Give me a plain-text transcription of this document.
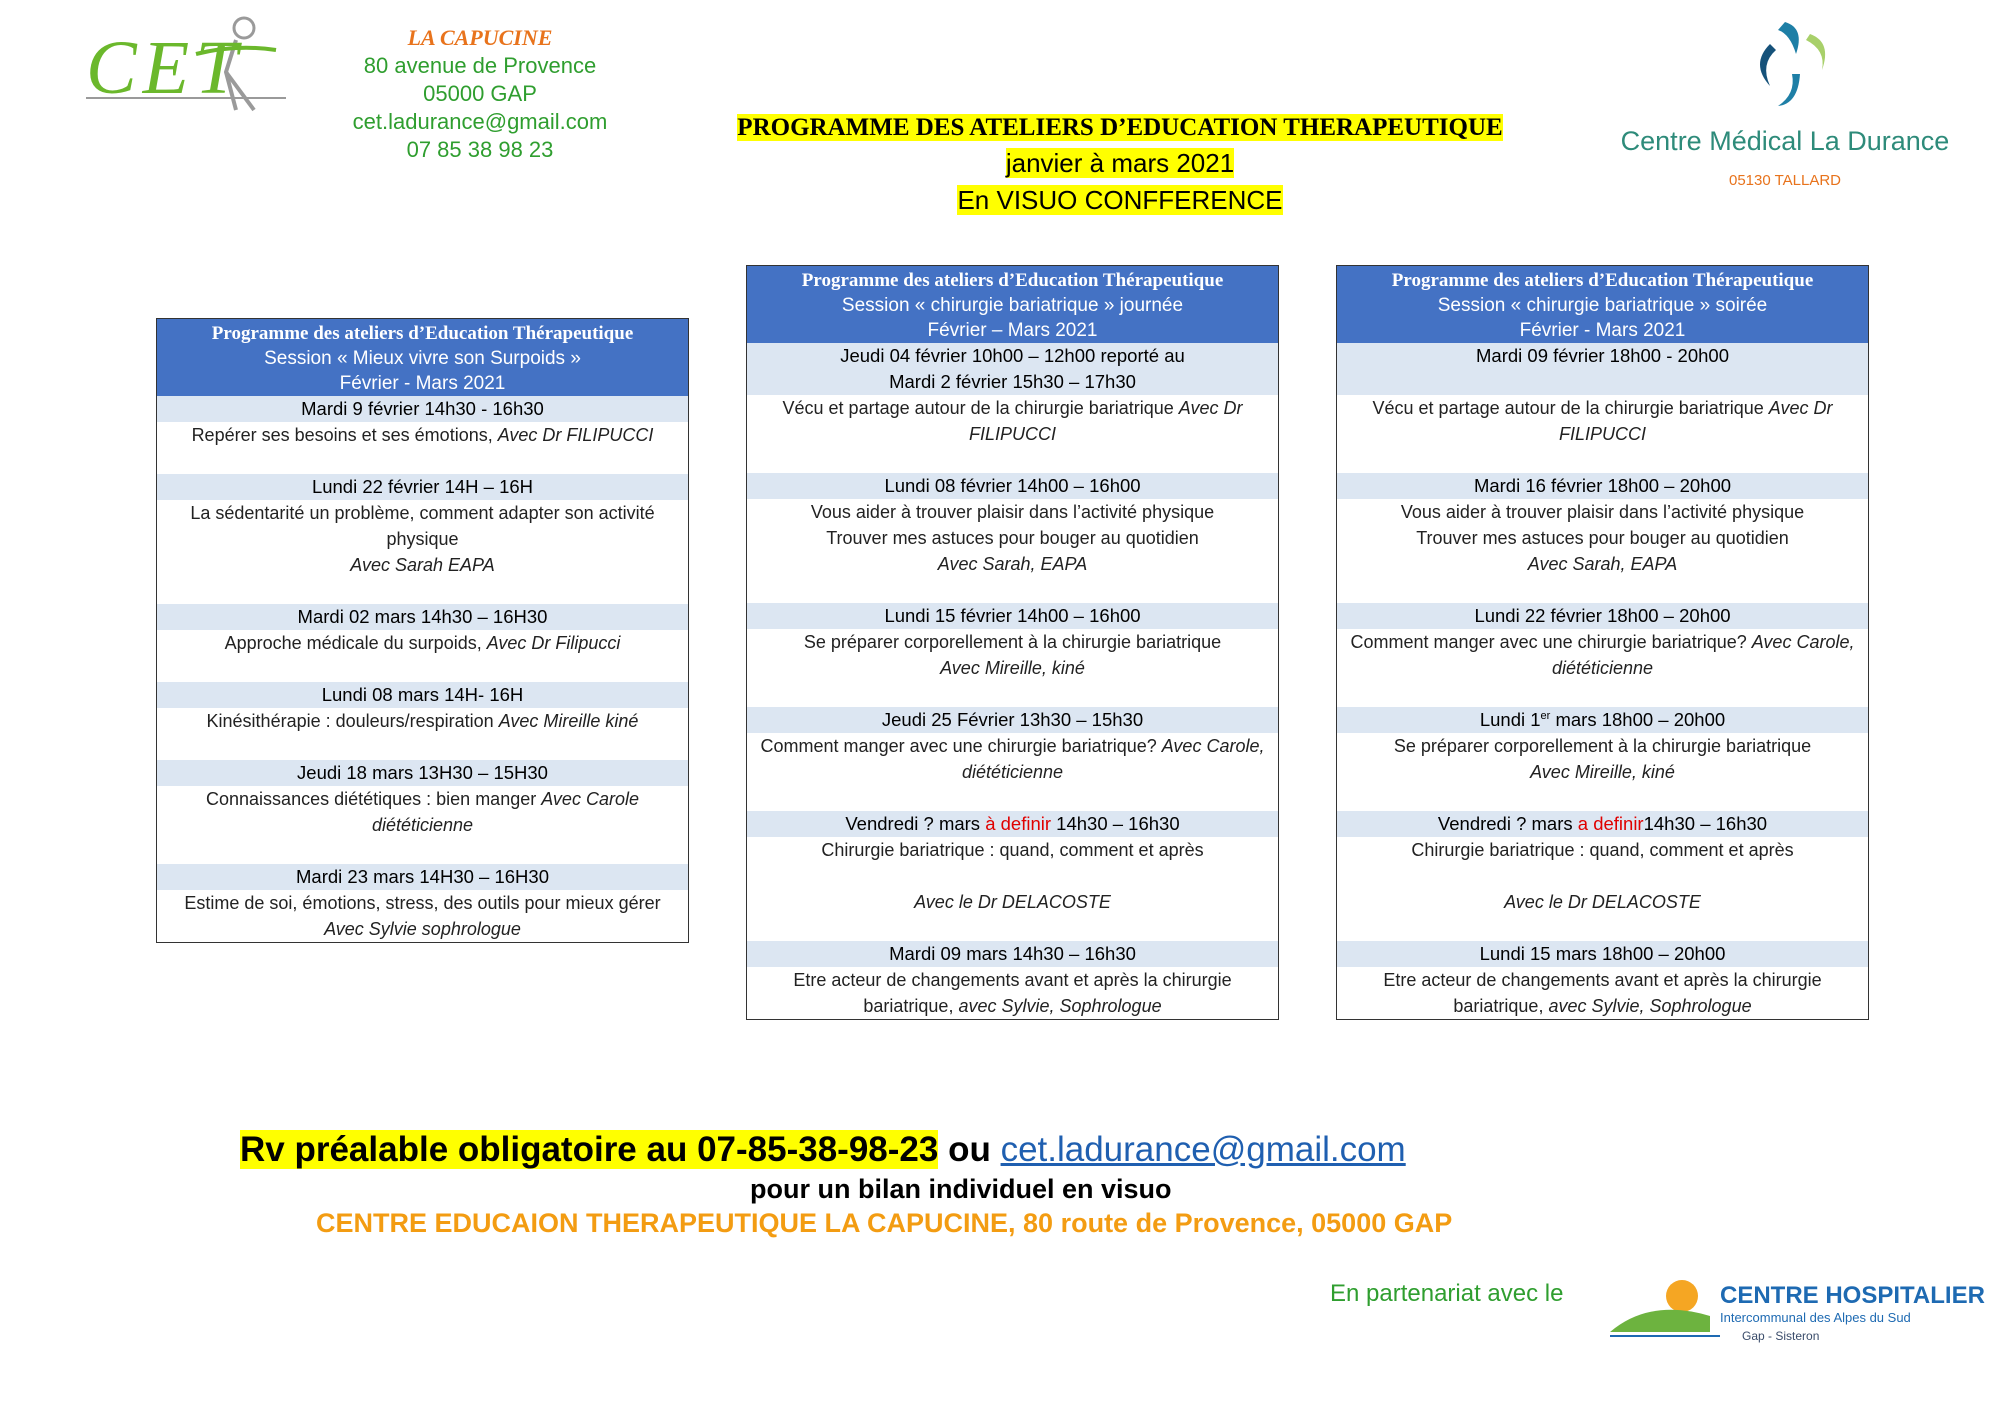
CET	LA CAPUCINE
80 avenue de Provence
05000 GAP
cet.ladurance@gmail.com
07 85 38 98 23
PROGRAMME DES ATELIERS D’EDUCATION THERAPEUTIQUE
janvier à mars 2021
En VISUO CONFFERENCE
Centre Médical La Durance
05130 TALLARD
Programme des ateliers d’Education Thérapeutique
Session « Mieux vivre son Surpoids »
Février - Mars 2021
Mardi 9 février 14h30 - 16h30
Repérer ses besoins et ses émotions, Avec Dr FILIPUCCI
Lundi 22 février 14H – 16H
La sédentarité un problème, comment adapter son activité physique
Avec Sarah EAPA
Mardi 02 mars 14h30 – 16H30
Approche médicale du surpoids, Avec Dr Filipucci
Lundi 08 mars 14H- 16H
Kinésithérapie : douleurs/respiration Avec Mireille kiné
Jeudi 18 mars 13H30 – 15H30
Connaissances diététiques : bien manger Avec Carole diététicienne
Mardi 23 mars 14H30 – 16H30
Estime de soi, émotions, stress, des outils pour mieux gérer
Avec Sylvie sophrologue
Programme des ateliers d’Education Thérapeutique
Session « chirurgie bariatrique » journée
Février – Mars 2021
Jeudi 04 février 10h00 – 12h00 reporté au
Mardi 2 février 15h30 – 17h30
Vécu et partage autour de la chirurgie bariatrique Avec Dr FILIPUCCI
Lundi 08 février 14h00 – 16h00
Vous aider à trouver plaisir dans l’activité physique
Trouver mes astuces pour bouger au quotidien
Avec Sarah, EAPA
Lundi 15 février 14h00 – 16h00
Se préparer corporellement à la chirurgie bariatrique
Avec Mireille, kiné
Jeudi 25 Février 13h30 – 15h30
Comment manger avec une chirurgie bariatrique? Avec Carole, diététicienne
Vendredi ? mars à definir 14h30 – 16h30
Chirurgie bariatrique : quand, comment et après
Avec le Dr DELACOSTE
Mardi 09 mars 14h30 – 16h30
Etre acteur de changements avant et après la chirurgie bariatrique, avec Sylvie, Sophrologue
Programme des ateliers d’Education Thérapeutique
Session « chirurgie bariatrique » soirée
Février - Mars 2021
Mardi 09 février 18h00 - 20h00

Vécu et partage autour de la chirurgie bariatrique Avec Dr FILIPUCCI
Mardi 16 février 18h00 – 20h00
Vous aider à trouver plaisir dans l’activité physique
Trouver mes astuces pour bouger au quotidien
Avec Sarah, EAPA
Lundi 22 février 18h00 – 20h00
Comment manger avec une chirurgie bariatrique? Avec Carole, diététicienne
Lundi 1er mars 18h00 – 20h00
Se préparer corporellement à la chirurgie bariatrique
Avec Mireille, kiné
Vendredi ? mars a definir14h30 – 16h30
Chirurgie bariatrique : quand, comment et après
Avec le Dr DELACOSTE
Lundi 15 mars 18h00 – 20h00
Etre acteur de changements avant et après la chirurgie bariatrique, avec Sylvie, Sophrologue
Rv préalable obligatoire au 07-85-38-98-23 ou cet.ladurance@gmail.com
pour un bilan individuel en visuo
CENTRE EDUCAION THERAPEUTIQUE LA CAPUCINE, 80 route de Provence, 05000 GAP
En partenariat avec le	CENTRE HOSPITALIER
Intercommunal des Alpes du Sud
Gap - Sisteron
